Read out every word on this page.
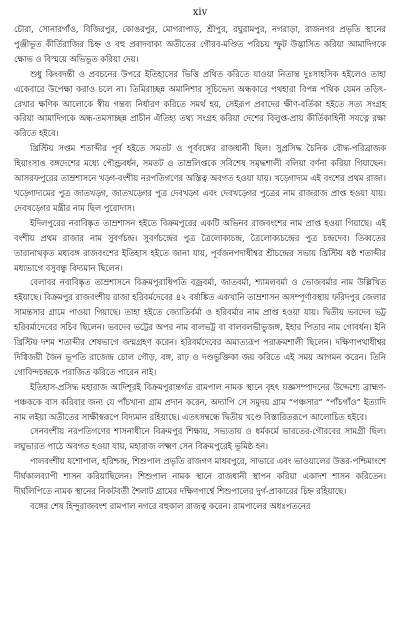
xiv

চৌরা, সোনারগাঁও, বিজিরপুর, কোঙরপুর, মোগরাপাড়, শ্রীপুর, রঘুরামপুর, নগরাড়া, রাজনগর প্রভৃতি স্থানের পুঞ্জীভূত কীর্তিরাজির চিহ্ন ও বহু প্রবাদবাক্য অতীতের গৌরব-মণ্ডিত পরিচয় স্ফুট উদ্ভাসিত করিয়া আমাদিগকে ক্ষোভ ও বিস্ময়ে অভিভূত করিয়া দেয়।

শুধু কিংবদন্তী ও প্রবচনের উপরে ইতিহাসের ভিত্তি প্রথিত করিতে যাওয়া নিতান্ত দুঃসাহসিক হইলেও তাহা একেবারে উপেক্ষা করাও চলে না। তিমিরাচ্ছন্ন অমানিশার সূচিভেদ্য অন্ধকারে পথহারা বিপন্ন পথিক যেমন তড়িৎ-রেখার ক্ষণিক আলোকে স্বীয় গন্তব্য নির্ধারণ করিতে সমর্থ হয়, সেইরূপ প্রবাদের ক্ষীণ-বর্তিকা হইতে সত্য সংগ্রহ করিয়া আমাদিগকে অন্ধ-তমসাচ্ছন্ন প্রাচীন ঐতিহ্য তথ্য সংগ্রহ করিয়া দেশের বিলুপ্ত-প্রায় কীর্তিকাহিনী সযত্নে রক্ষা করিতে হইবে।

খ্রিস্টিয় সপ্তম শতাব্দীর পূর্ব হইতে সমতট ও পূর্ববঙ্গের রাজধানী ছিল। সুপ্রসিদ্ধ চৈনিক বৌদ্ধ-পরিব্রাজক হিয়াংসাঙ বঙ্গদেশের মধ্যে পৌণ্ড্রবর্ধন, সমতট ও তাম্রলিপ্তকে সবিশেষ সমৃদ্ধশালী বলিয়া বর্ণনা করিয়া গিয়াছেন। আসরফপুরের তাম্রশাসনে খড়্গ-বংশীয় নরপতিগণের অস্তিত্ব অবগত হওয়া যায়। খড়্গোদ্যম এই বংশের প্রথম রাজা। খড়্গোদ্যমের পুত্র জাতখড়্গ, জাতখড়্গের পুত্র দেবখড়্গ এবং দেবখড়্গের পুত্রের নাম রাজরাজ প্রাপ্ত হওয়া যায়। দেবখড়্গের মন্ত্রীর নাম ছিল পুরোদাস।

ইদিলপুরের নবাবিষ্কৃত তাম্রশাসন হইতে বিক্রমপুরের একটি অভিনব রাজবংশের নাম প্রাপ্ত হওয়া গিয়াছে। এই বংশীয় প্রথম রাজার নাম সুবর্ণচন্দ্র। সুবর্ণচন্দ্রের পুত্র ত্রৈলোক্যচন্দ্র, ত্রৈলোক্যচন্দ্রের পুত্র চন্দ্রদেব। তিব্বতের তারানাথকৃত মধ্যবঙ্গ রাজবংশের ইতিহাস হইতে জানা যায়, পূর্বজনপদাধীশ্বর শ্রীচন্দ্রের সভায় খ্রিস্টিয় ষষ্ঠ শতাব্দীর মধ্যভাগে বসুবন্ধু বিদ্যমান ছিলেন।

বেলাবর নবাবিষ্কৃত তাম্রশাসনে বিক্রমপুরাধিপতি বজ্রবর্মা, জাতবর্মা, শ্যামলবর্মা ও ভোজবর্মার নাম উল্লিখিত হইয়াছে। বিক্রমপুর রাজবংশীয় রাজা হরিবর্মদেবের ৪২ বর্ষাঙ্কিত একখানি তাম্রশাসন অসম্পূর্ণাবস্থায় ফরিদপুর জেলার সামন্তসার গ্রামে পাওয়া গিয়াছে। তাহা হইতে জ্যোতির্বর্মা ও হরিবর্মার নাম প্রাপ্ত হওয়া যায়। দ্বিতীয় ভবদেব ভট্ট হরিবর্মাদেবের সচিব ছিলেন। ভবদেব ভট্টের অপর নাম বালভট্ট বা বালবলভীভুজঙ্গ, ইহার পিতার নাম গোবর্ধন। ইনি খ্রিস্টিয় দশম শতাব্দীর শেষভাগে জন্মগ্রহণ করেন। হরিবর্মদেবের অমাত্যরূপ পরাক্রমশালী ছিলেন। দক্ষিণাপথাধীশ্বর দিগ্বিজয়ী জৈন ভূপতি রাজেন্দ্র চোল গৌড়, বঙ্গ, রাঢ় ও দণ্ডভুক্তিকা জয় করিতে এই সময় আগমন করেন। তিনি গোবিন্দচন্দ্রকে পরাজিত করিতে পারেন নাই।

ইতিহাস-প্রসিদ্ধ মহারাজ আদিশূরই বিক্রমপুরান্তর্গত রামপাল নামক স্থানে বৃহৎ যজ্ঞসম্পাদনের উদ্দেশ্যে ব্রাহ্মণ-পঞ্চককে বাস করিবার জন্য যে পাঁচখানা গ্রাম প্রদান করেন, অদ্যাপি সে সমুদয় গ্রাম “পঞ্চসার” “পাঁচগাঁও” ইত্যাদি নাম লইয়া অতীতের সাক্ষীস্বরূপে বিদ্যমান রহিয়াছে। এতৎসম্বন্ধে দ্বিতীয় খণ্ডে বিস্তারিতরূপে আলোচিত হইবে।

সেনবংশীয় নরপতিগণের শাসনাধীনে বিক্রমপুর শিক্ষায়, সভ্যতায় ও ধর্মকর্মে ভারতের-গৌরবের সামগ্রী ছিল। লঘুভারত পাঠে অবগত হওয়া যায়, মহারাজ লক্ষ্মণ সেন বিক্রমপুরেই ভূমিষ্ঠ হন।

পালবংশীয় যশোপাল, হরিশ্চন্দ্র, শিশুপাল প্রভৃতি রাজগণ মাধবপুরে, সাভারে এবং ভাওয়ালের উত্তর-পশ্চিমাংশে দীর্ঘকালব্যাপী শাসন করিয়াছিলেন। শিশুপাল নামক স্থানে রাজধানী স্থাপন করিয়া একাদশ শাসন করিতেন। দীর্ঘলিপিতে নামক স্থানের নিকটবর্তী শৈলাট গ্রামের দক্ষিণপার্শ্বে শিশুপালের দুর্গ-প্রাকারের চিহ্ন রহিয়াছে।

বঙ্গের শেষ হিন্দুরাজবংশ রামপাল নগরে বহুকাল রাজত্ব করেন। রামপালের অধঃপতনের
